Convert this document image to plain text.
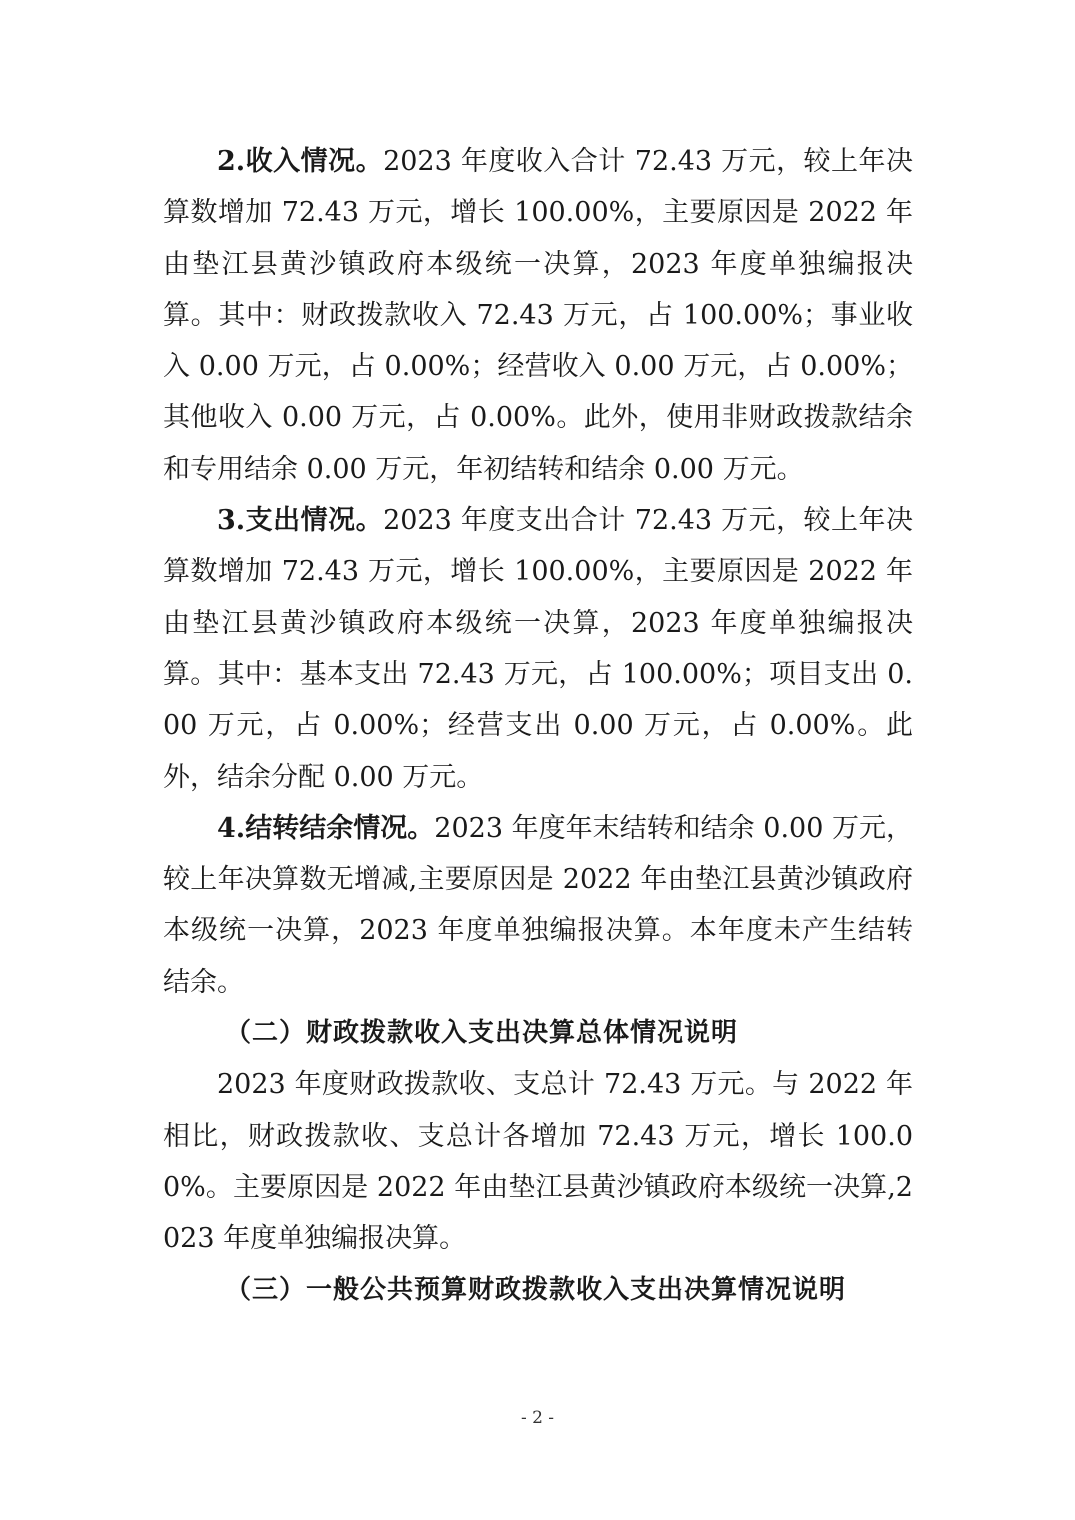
2.收入情况。2023 年度收入合计 72.43 万元，较上年决算数增加 72.43 万元，增长 100.00%，主要原因是 2022 年由垫江县黄沙镇政府本级统一决算，2023 年度单独编报决算。其中：财政拨款收入 72.43 万元，占 100.00%；事业收入 0.00 万元，占 0.00%；经营收入 0.00 万元，占 0.00%；其他收入 0.00 万元，占 0.00%。此外，使用非财政拨款结余和专用结余 0.00 万元，年初结转和结余 0.00 万元。

3.支出情况。2023 年度支出合计 72.43 万元，较上年决算数增加 72.43 万元，增长 100.00%，主要原因是 2022 年由垫江县黄沙镇政府本级统一决算，2023 年度单独编报决算。其中：基本支出 72.43 万元，占 100.00%；项目支出 0.00 万元，占 0.00%；经营支出 0.00 万元，占 0.00%。此外，结余分配 0.00 万元。

4.结转结余情况。2023 年度年末结转和结余 0.00 万元，较上年决算数无增减,主要原因是 2022 年由垫江县黄沙镇政府本级统一决算，2023 年度单独编报决算。本年度未产生结转结余。

（二）财政拨款收入支出决算总体情况说明

2023 年度财政拨款收、支总计 72.43 万元。与 2022 年相比，财政拨款收、支总计各增加 72.43 万元，增长 100.00%。主要原因是 2022 年由垫江县黄沙镇政府本级统一决算,2023 年度单独编报决算。

（三）一般公共预算财政拨款收入支出决算情况说明
- 2 -
